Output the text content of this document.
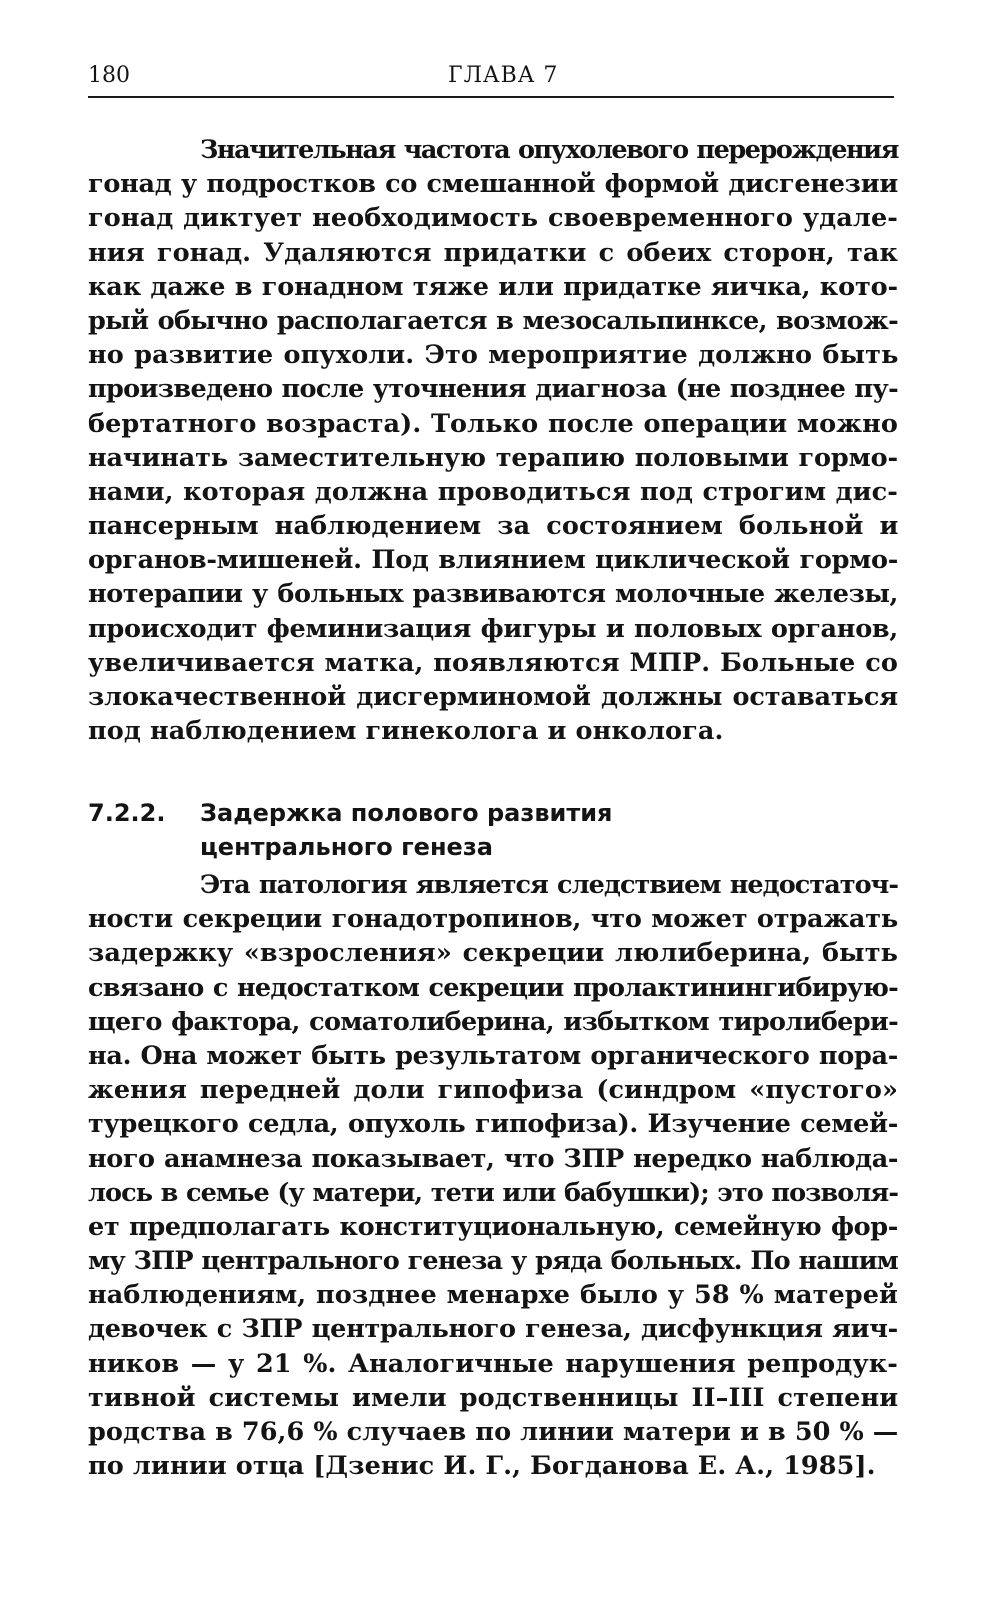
180	ГЛАВА 7
Значительная частота опухолевого перерождения
гонад у подростков со смешанной формой дисгенезии
гонад диктует необходимость своевременного удале-
ния гонад. Удаляются придатки с обеих сторон, так
как даже в гонадном тяже или придатке яичка, кото-
рый обычно располагается в мезосальпинксе, возмож-
но развитие опухоли. Это мероприятие должно быть
произведено после уточнения диагноза (не позднее пу-
бертатного возраста). Только после операции можно
начинать заместительную терапию половыми гормо-
нами, которая должна проводиться под строгим дис-
пансерным наблюдением за состоянием больной и
органов-мишеней. Под влиянием циклической гормо-
нотерапии у больных развиваются молочные железы,
происходит феминизация фигуры и половых органов,
увеличивается матка, появляются МПР. Больные со
злокачественной дисгерминомой должны оставаться
под наблюдением гинеколога и онколога.
7.2.2. Задержка полового развития
центрального генеза
Эта патология является следствием недостаточ-
ности секреции гонадотропинов, что может отражать
задержку «взросления» секреции люлиберина, быть
связано с недостатком секреции пролактинингибирую-
щего фактора, соматолиберина, избытком тиролибери-
на. Она может быть результатом органического пора-
жения передней доли гипофиза (синдром «пустого»
турецкого седла, опухоль гипофиза). Изучение семей-
ного анамнеза показывает, что ЗПР нередко наблюда-
лось в семье (у матери, тети или бабушки); это позволя-
ет предполагать конституциональную, семейную фор-
му ЗПР центрального генеза у ряда больных. По нашим
наблюдениям, позднее менархе было у 58 % матерей
девочек с ЗПР центрального генеза, дисфункция яич-
ников — у 21 %. Аналогичные нарушения репродук-
тивной системы имели родственницы II–III степени
родства в 76,6 % случаев по линии матери и в 50 % —
по линии отца [Дзенис И. Г., Богданова Е. А., 1985].
